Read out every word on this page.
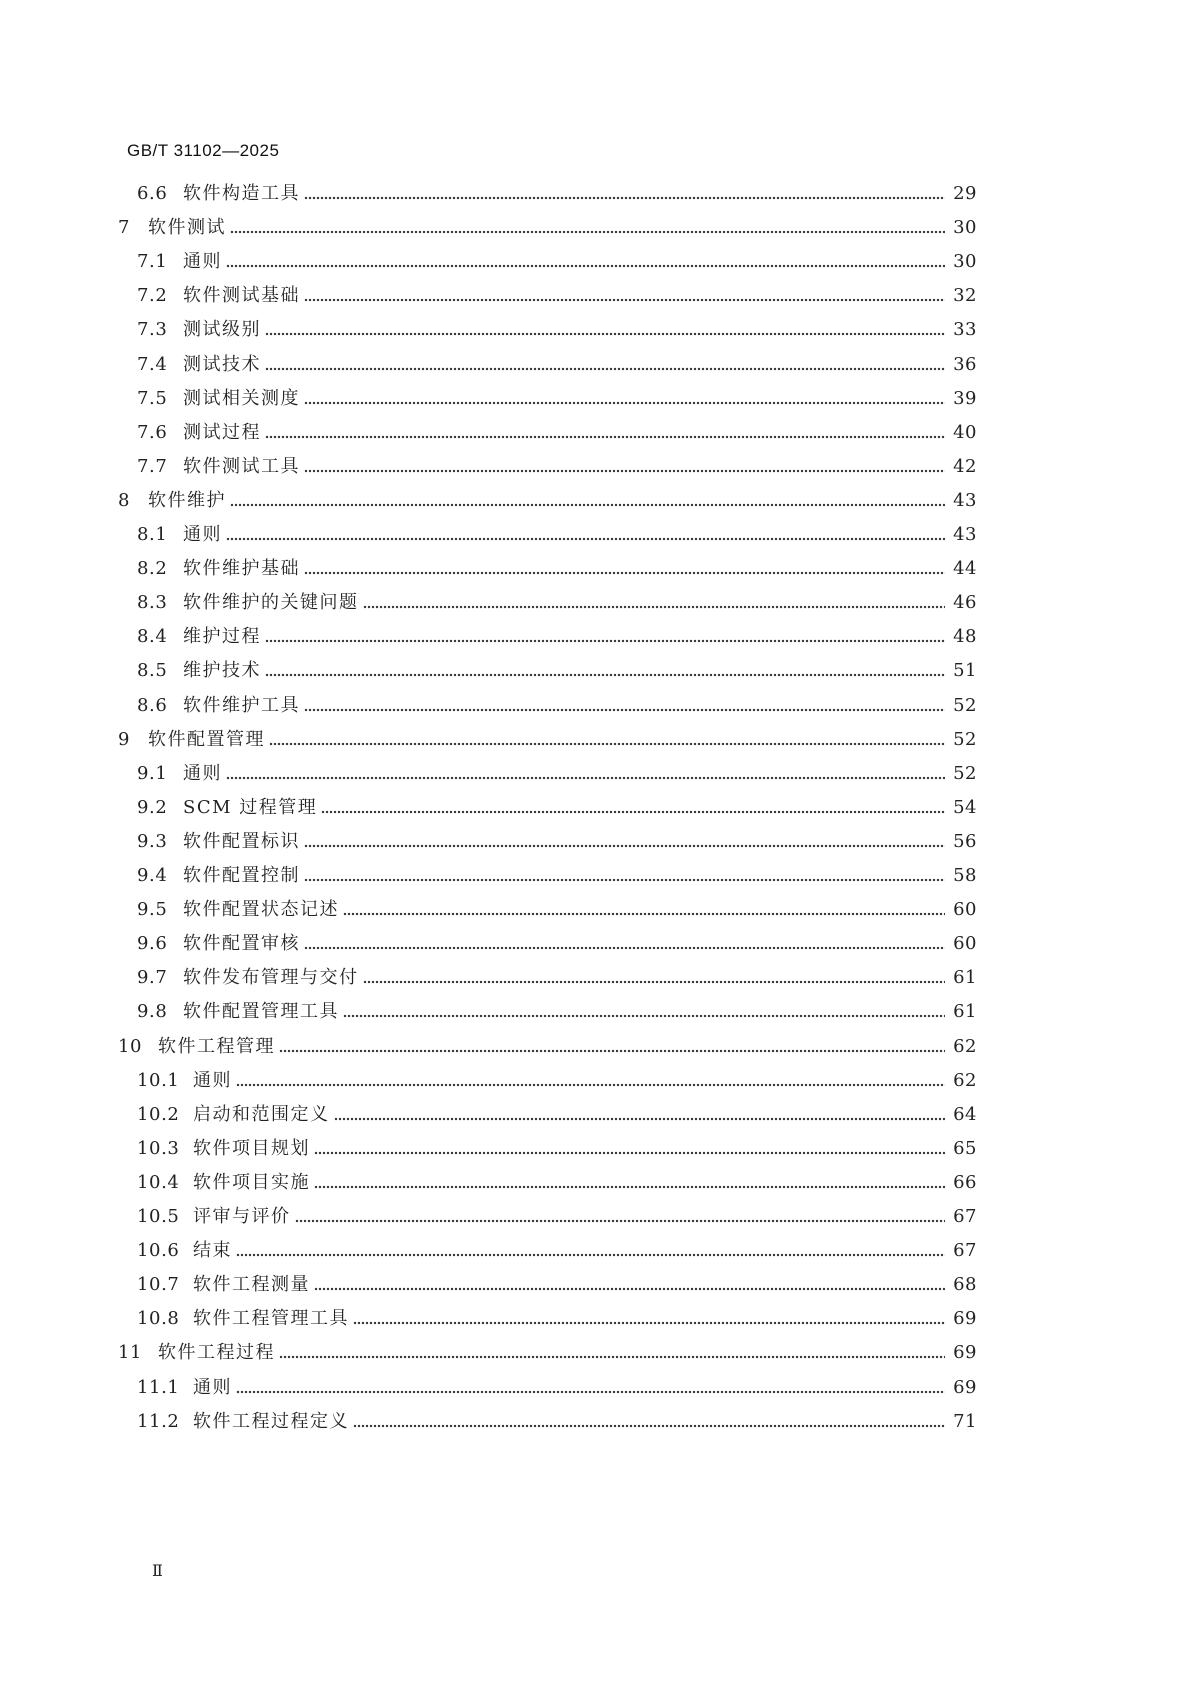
GB/T 31102—2025
6.6 软件构造工具	29
7 软件测试	30
7.1 通则	30
7.2 软件测试基础	32
7.3 测试级别	33
7.4 测试技术	36
7.5 测试相关测度	39
7.6 测试过程	40
7.7 软件测试工具	42
8 软件维护	43
8.1 通则	43
8.2 软件维护基础	44
8.3 软件维护的关键问题	46
8.4 维护过程	48
8.5 维护技术	51
8.6 软件维护工具	52
9 软件配置管理	52
9.1 通则	52
9.2 SCM 过程管理	54
9.3 软件配置标识	56
9.4 软件配置控制	58
9.5 软件配置状态记述	60
9.6 软件配置审核	60
9.7 软件发布管理与交付	61
9.8 软件配置管理工具	61
10 软件工程管理	62
10.1 通则	62
10.2 启动和范围定义	64
10.3 软件项目规划	65
10.4 软件项目实施	66
10.5 评审与评价	67
10.6 结束	67
10.7 软件工程测量	68
10.8 软件工程管理工具	69
11 软件工程过程	69
11.1 通则	69
11.2 软件工程过程定义	71
Ⅱ
